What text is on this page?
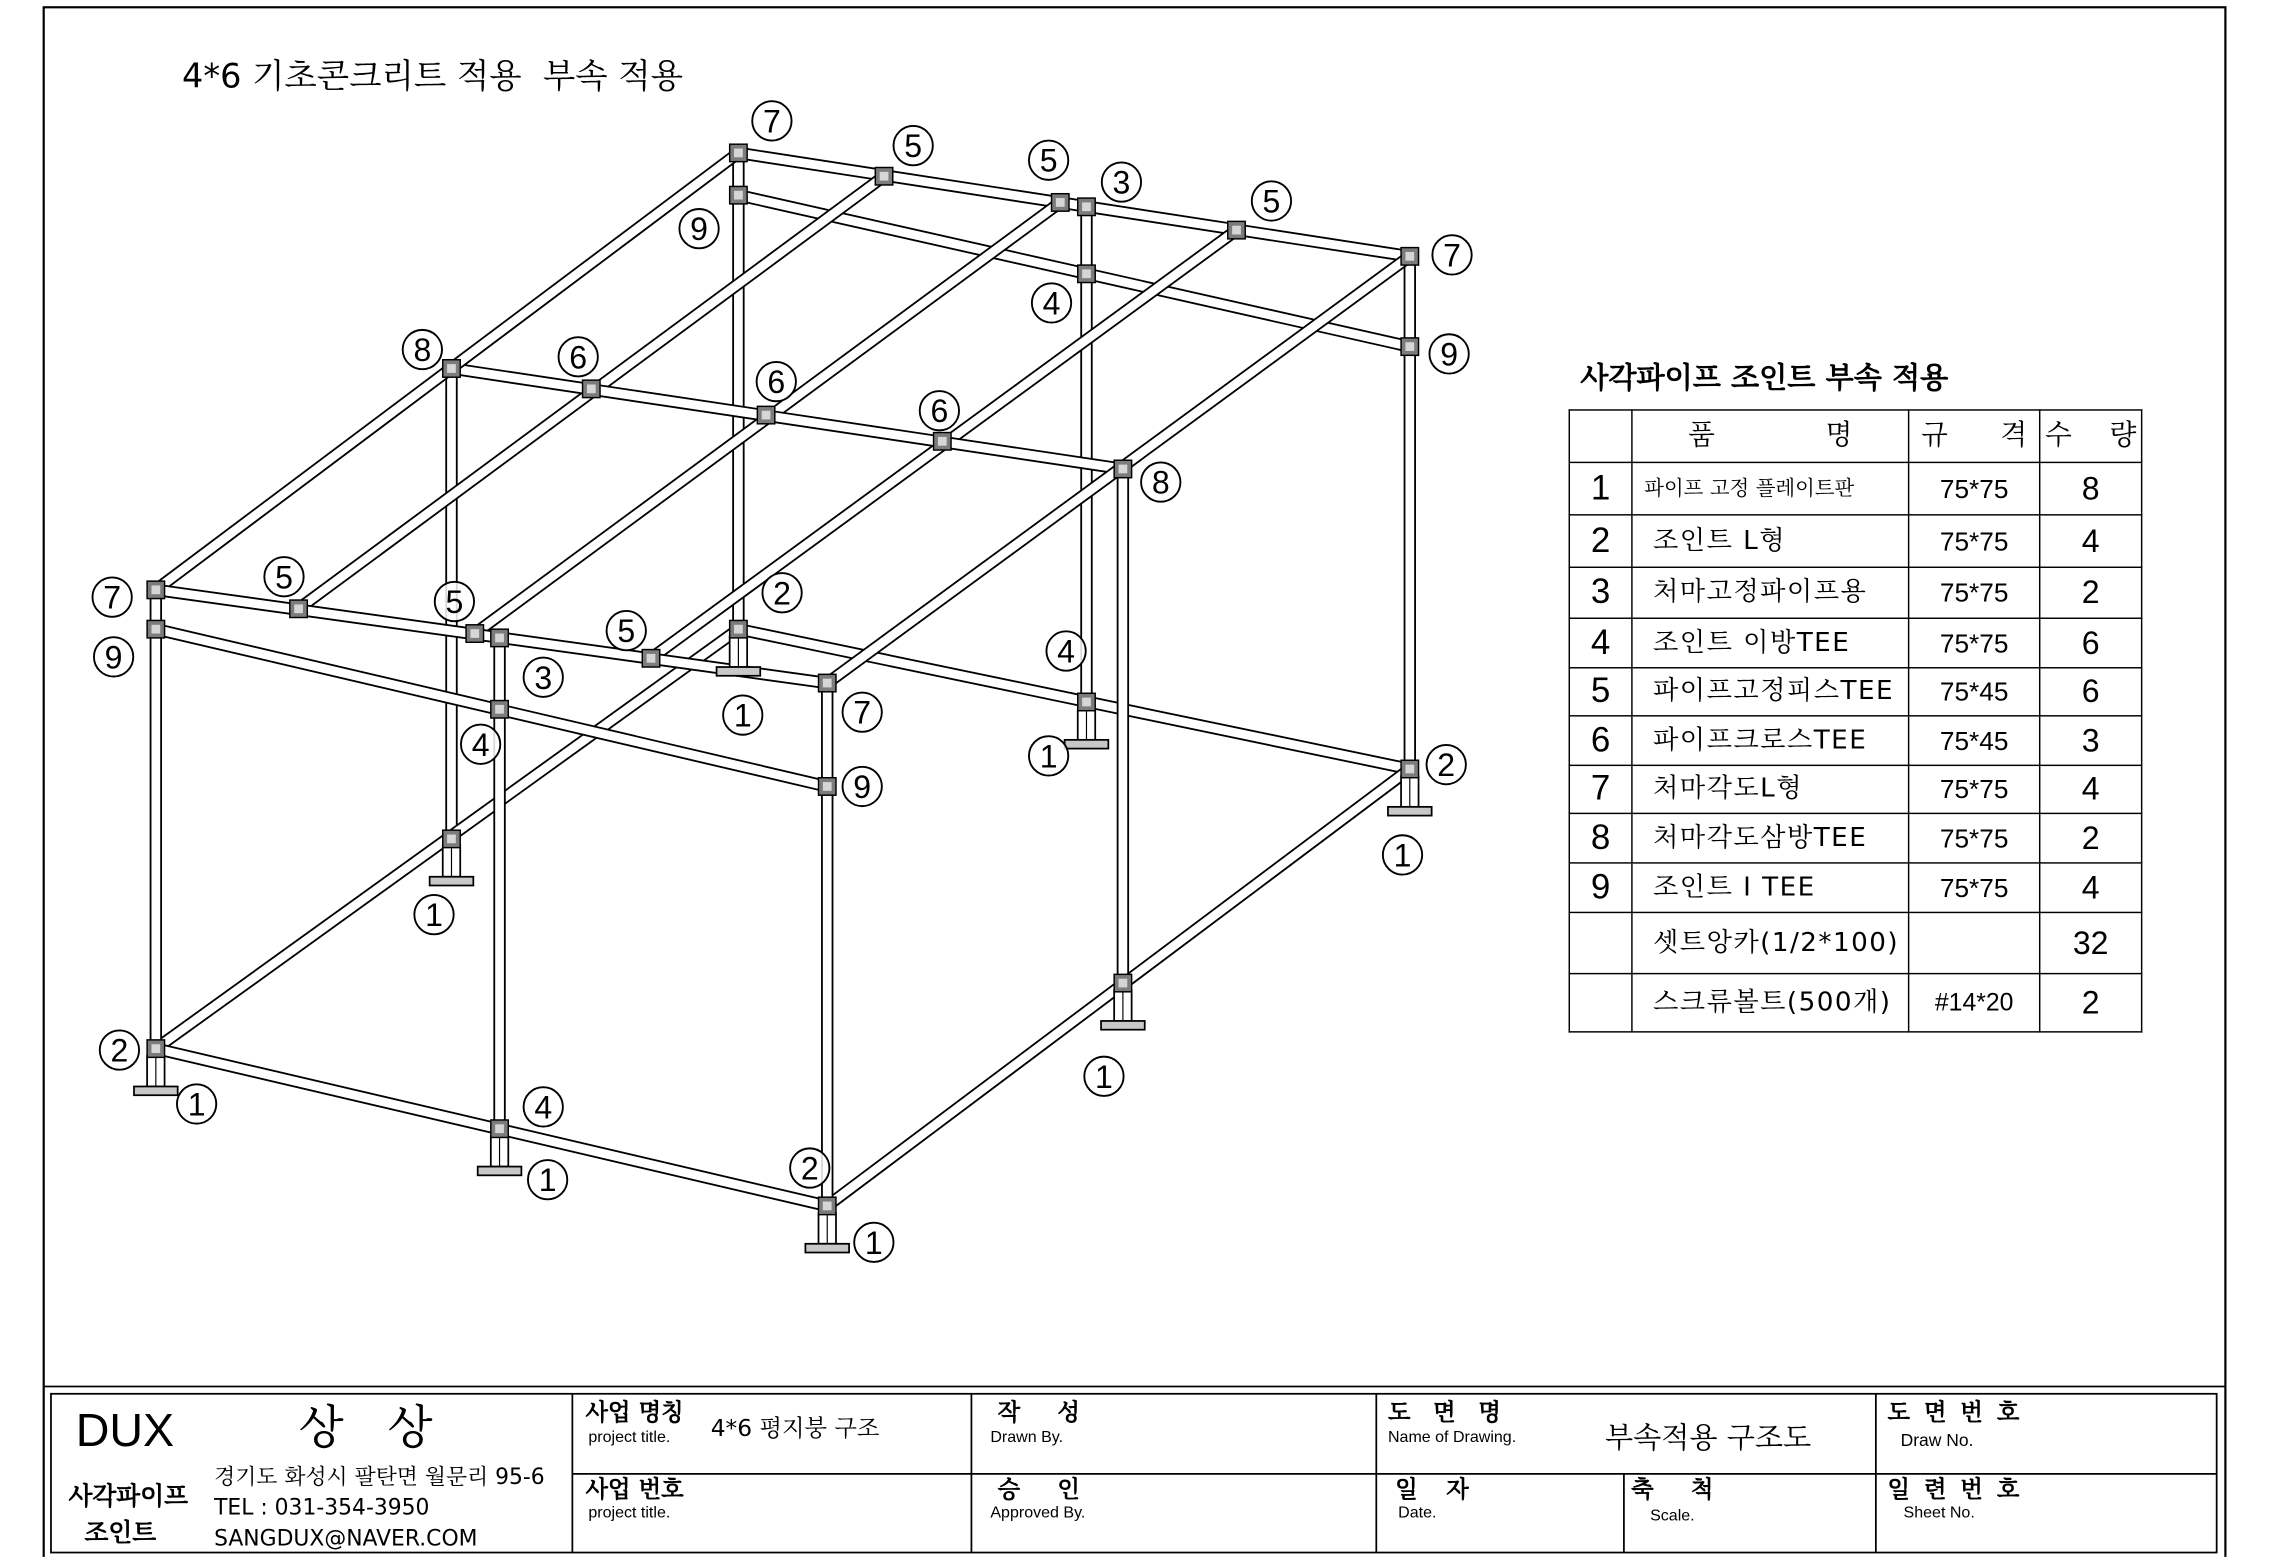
7
5	5
3
5
7
9
4
9
8	6
6
6
8
7
5
5
5
2
9
3
1	7
4
4	1
9
2
1
1
2
1
1	4
1	2
1
4*6 기초콘크리트 적용  부속 적용
사각파이프 조인트 부속 적용
	품 명	규 격	수 량
1	파이프 고정 플레이트판	75*75	8
2	조인트 L형	75*75	4
3	처마고정파이프용	75*75	2
4	조인트 이방TEE	75*75	6
5	파이프고정피스TEE	75*45	6
6	파이프크로스TEE	75*45	3
7	처마각도L형	75*75	4
8	처마각도삼방TEE	75*75	2
9	조인트 I TEE	75*75	4
	셋트앙카(1/2*100)		32
	스크류볼트(500개)	#14*20	2
DUX	상 상
사각파이프
조인트
경기도 화성시 팔탄면 월문리 95-6
TEL : 031-354-3950
SANGDUX@NAVER.COM
사업 명칭
project title.	4*6 평지붕 구조
사업 번호
project title.
작 성
Drawn By.
승 인
Approved By.
도 면 명
Name of Drawing.	부속적용 구조도
일 자
Date.
축 척
Scale.
도 면 번 호
Draw No.
일 련 번 호
Sheet No.
